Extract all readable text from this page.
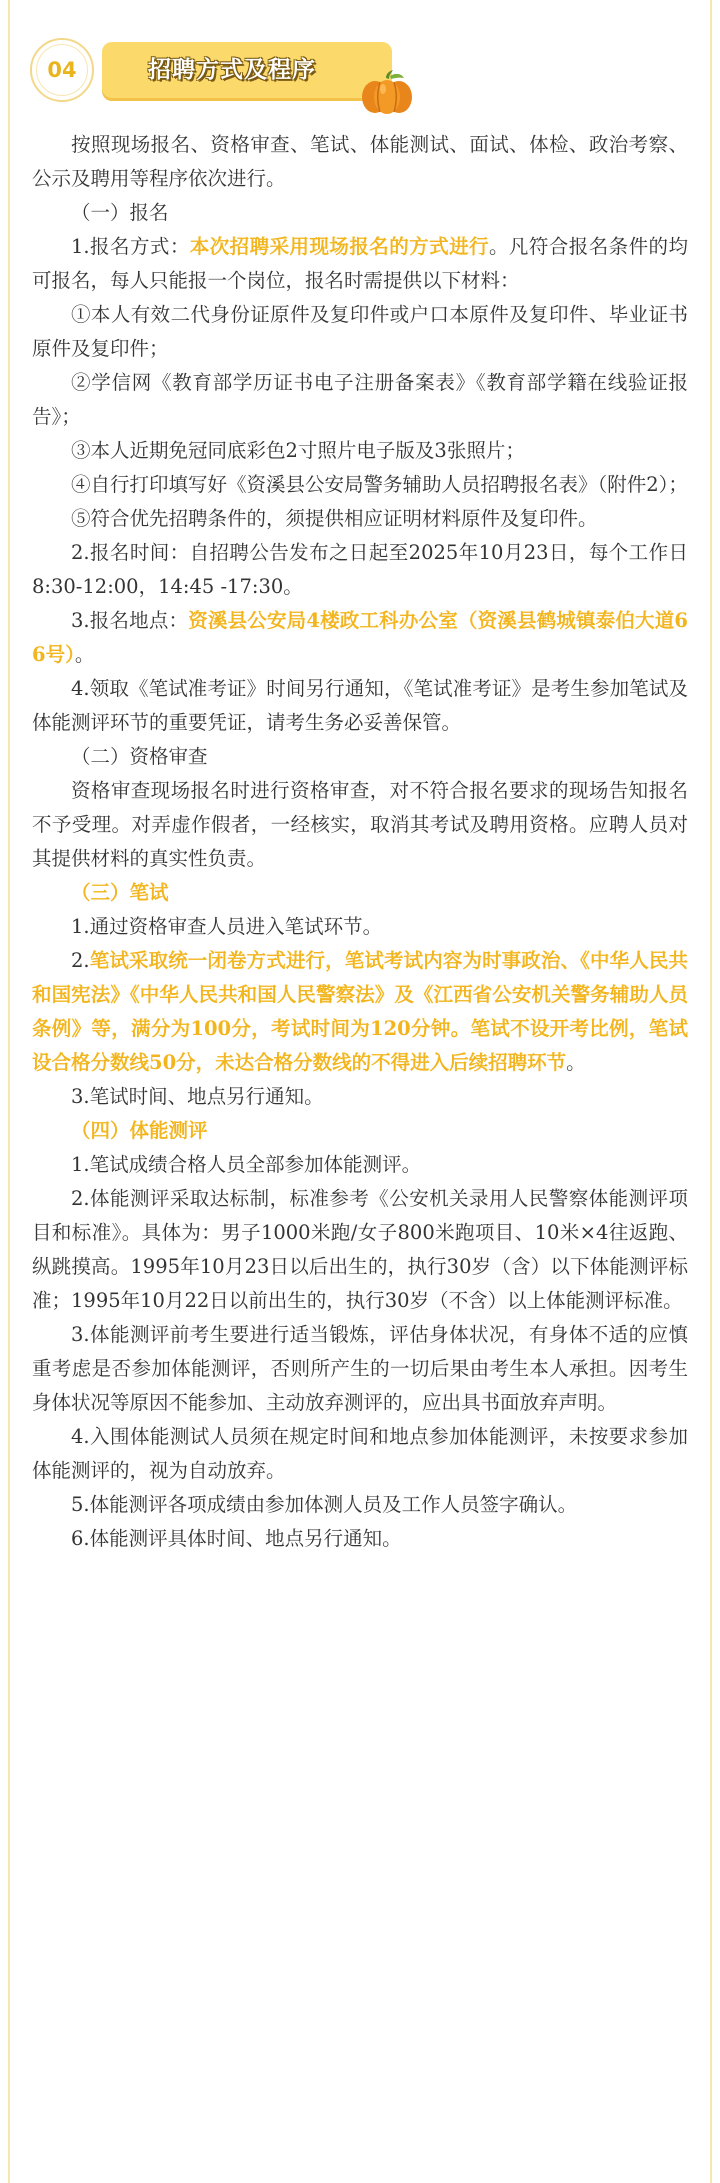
04	招聘方式及程序

按照现场报名、资格审查、笔试、体能测试、面试、体检、政治考察、公示及聘用等程序依次进行。

（一）报名

1.报名方式：本次招聘采用现场报名的方式进行。凡符合报名条件的均可报名，每人只能报一个岗位，报名时需提供以下材料：

①本人有效二代身份证原件及复印件或户口本原件及复印件、毕业证书原件及复印件；

②学信网《教育部学历证书电子注册备案表》《教育部学籍在线验证报告》；

③本人近期免冠同底彩色2寸照片电子版及3张照片；

④自行打印填写好《资溪县公安局警务辅助人员招聘报名表》（附件2）；

⑤符合优先招聘条件的，须提供相应证明材料原件及复印件。

2.报名时间：自招聘公告发布之日起至2025年10月23日，每个工作日8:30-12:00，14:45 -17:30。

3.报名地点：资溪县公安局4楼政工科办公室（资溪县鹤城镇泰伯大道66号）。

4.领取《笔试准考证》时间另行通知，《笔试准考证》是考生参加笔试及体能测评环节的重要凭证，请考生务必妥善保管。

（二）资格审查

资格审查现场报名时进行资格审查，对不符合报名要求的现场告知报名不予受理。对弄虚作假者，一经核实，取消其考试及聘用资格。应聘人员对其提供材料的真实性负责。

（三）笔试

1.通过资格审查人员进入笔试环节。

2.笔试采取统一闭卷方式进行，笔试考试内容为时事政治、《中华人民共和国宪法》《中华人民共和国人民警察法》及《江西省公安机关警务辅助人员条例》等，满分为100分，考试时间为120分钟。笔试不设开考比例，笔试设合格分数线50分，未达合格分数线的不得进入后续招聘环节。

3.笔试时间、地点另行通知。

（四）体能测评

1.笔试成绩合格人员全部参加体能测评。

2.体能测评采取达标制，标准参考《公安机关录用人民警察体能测评项目和标准》。具体为：男子1000米跑/女子800米跑项目、10米×4往返跑、纵跳摸高。1995年10月23日以后出生的，执行30岁（含）以下体能测评标准；1995年10月22日以前出生的，执行30岁（不含）以上体能测评标准。

3.体能测评前考生要进行适当锻炼，评估身体状况，有身体不适的应慎重考虑是否参加体能测评，否则所产生的一切后果由考生本人承担。因考生身体状况等原因不能参加、主动放弃测评的，应出具书面放弃声明。

4.入围体能测试人员须在规定时间和地点参加体能测评，未按要求参加体能测评的，视为自动放弃。

5.体能测评各项成绩由参加体测人员及工作人员签字确认。

6.体能测评具体时间、地点另行通知。
